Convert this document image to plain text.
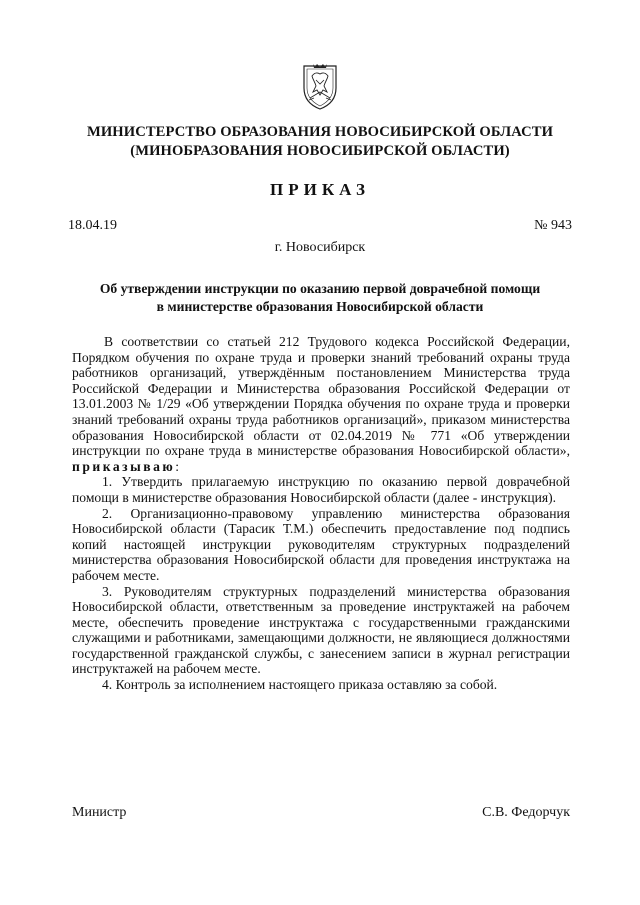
МИНИСТЕРСТВО ОБРАЗОВАНИЯ НОВОСИБИРСКОЙ ОБЛАСТИ
(МИНОБРАЗОВАНИЯ НОВОСИБИРСКОЙ ОБЛАСТИ)
ПРИКАЗ
18.04.19	№ 943
г. Новосибирск
Об утверждении инструкции по оказанию первой доврачебной помощи
в министерстве образования Новосибирской области

В соответствии со статьей 212 Трудового кодекса Российской Федерации, Порядком обучения по охране труда и проверки знаний требований охраны труда работников организаций, утверждённым постановлением Министерства труда Российской Федерации и Министерства образования Российской Федерации от 13.01.2003 № 1/29 «Об утверждении Порядка обучения по охране труда и проверки знаний требований охраны труда работников организаций», приказом министерства образования Новосибирской области от 02.04.2019 № 771 «Об утверждении инструкции по охране труда в министерстве образования Новосибирской области», приказываю:

1. Утвердить прилагаемую инструкцию по оказанию первой доврачебной помощи в министерстве образования Новосибирской области (далее - инструкция).

2. Организационно-правовому управлению министерства образования Новосибирской области (Тарасик Т.М.) обеспечить предоставление под подпись копий настоящей инструкции руководителям структурных подразделений министерства образования Новосибирской области для проведения инструктажа на рабочем месте.

3. Руководителям структурных подразделений министерства образования Новосибирской области, ответственным за проведение инструктажей на рабочем месте, обеспечить проведение инструктажа с государственными гражданскими служащими и работниками, замещающими должности, не являющиеся должностями государственной гражданской службы, с занесением записи в журнал регистрации инструктажей на рабочем месте.

4. Контроль за исполнением настоящего приказа оставляю за собой.

Министр	С.В. Федорчук
